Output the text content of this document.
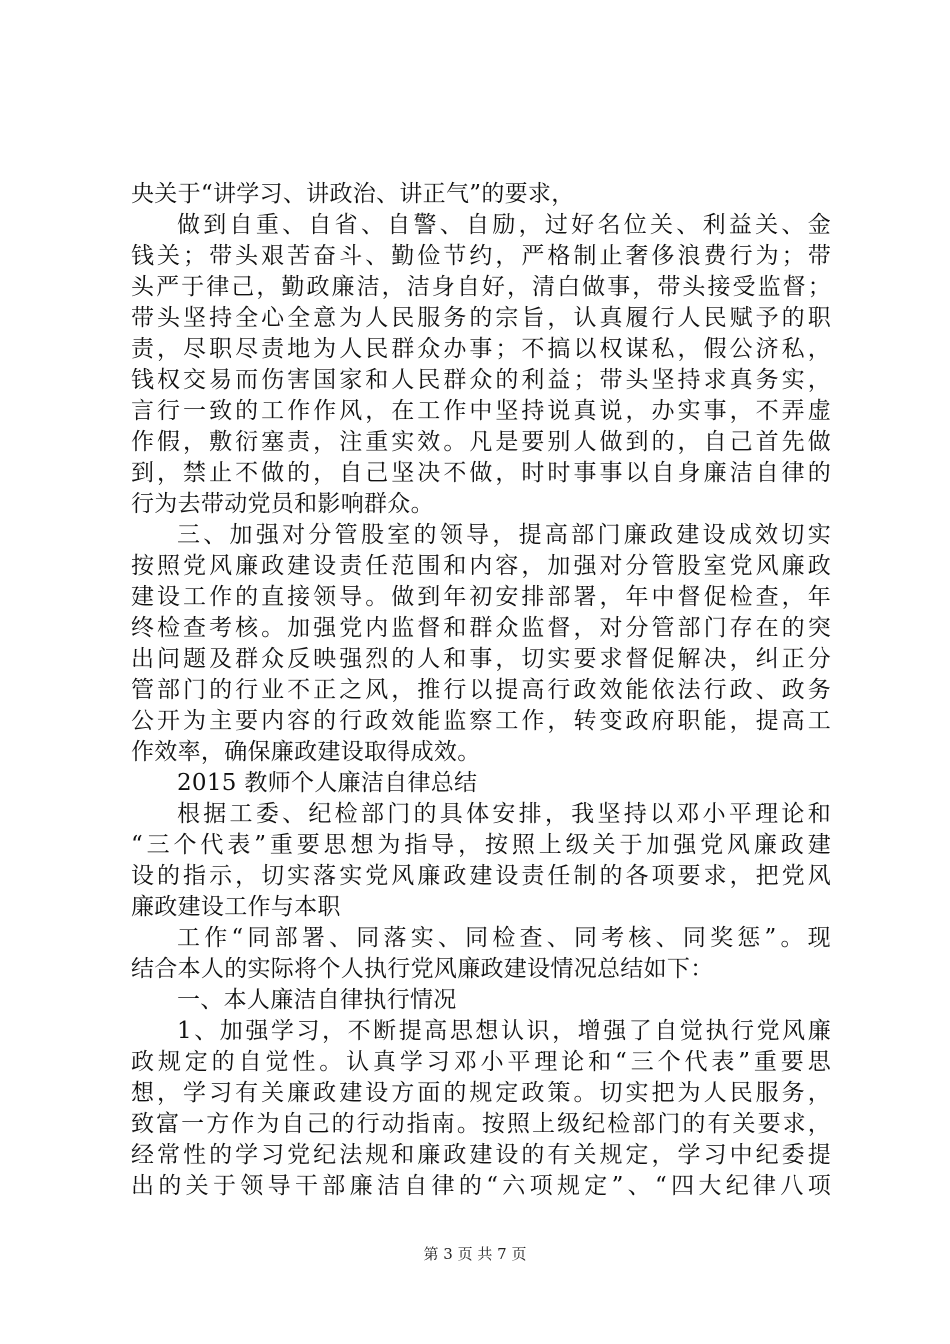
央关于“讲学习、讲政治、讲正气”的要求，
做到自重、自省、自警、自励，过好名位关、利益关、金
钱关；带头艰苦奋斗、勤俭节约，严格制止奢侈浪费行为；带
头严于律己，勤政廉洁，洁身自好，清白做事，带头接受监督；
带头坚持全心全意为人民服务的宗旨，认真履行人民赋予的职
责，尽职尽责地为人民群众办事；不搞以权谋私，假公济私，
钱权交易而伤害国家和人民群众的利益；带头坚持求真务实，
言行一致的工作作风，在工作中坚持说真说，办实事，不弄虚
作假，敷衍塞责，注重实效。凡是要别人做到的，自己首先做
到，禁止不做的，自己坚决不做，时时事事以自身廉洁自律的
行为去带动党员和影响群众。
三、加强对分管股室的领导，提高部门廉政建设成效切实
按照党风廉政建设责任范围和内容，加强对分管股室党风廉政
建设工作的直接领导。做到年初安排部署，年中督促检查，年
终检查考核。加强党内监督和群众监督，对分管部门存在的突
出问题及群众反映强烈的人和事，切实要求督促解决，纠正分
管部门的行业不正之风，推行以提高行政效能依法行政、政务
公开为主要内容的行政效能监察工作，转变政府职能，提高工
作效率，确保廉政建设取得成效。
2015 教师个人廉洁自律总结
根据工委、纪检部门的具体安排，我坚持以邓小平理论和
“三个代表”重要思想为指导，按照上级关于加强党风廉政建
设的指示，切实落实党风廉政建设责任制的各项要求，把党风
廉政建设工作与本职
工作“同部署、同落实、同检查、同考核、同奖惩”。现
结合本人的实际将个人执行党风廉政建设情况总结如下：
一、本人廉洁自律执行情况
1、加强学习，不断提高思想认识，增强了自觉执行党风廉
政规定的自觉性。认真学习邓小平理论和“三个代表”重要思
想，学习有关廉政建设方面的规定政策。切实把为人民服务，
致富一方作为自己的行动指南。按照上级纪检部门的有关要求，
经常性的学习党纪法规和廉政建设的有关规定，学习中纪委提
出的关于领导干部廉洁自律的“六项规定”、“四大纪律八项
第 3 页 共 7 页
